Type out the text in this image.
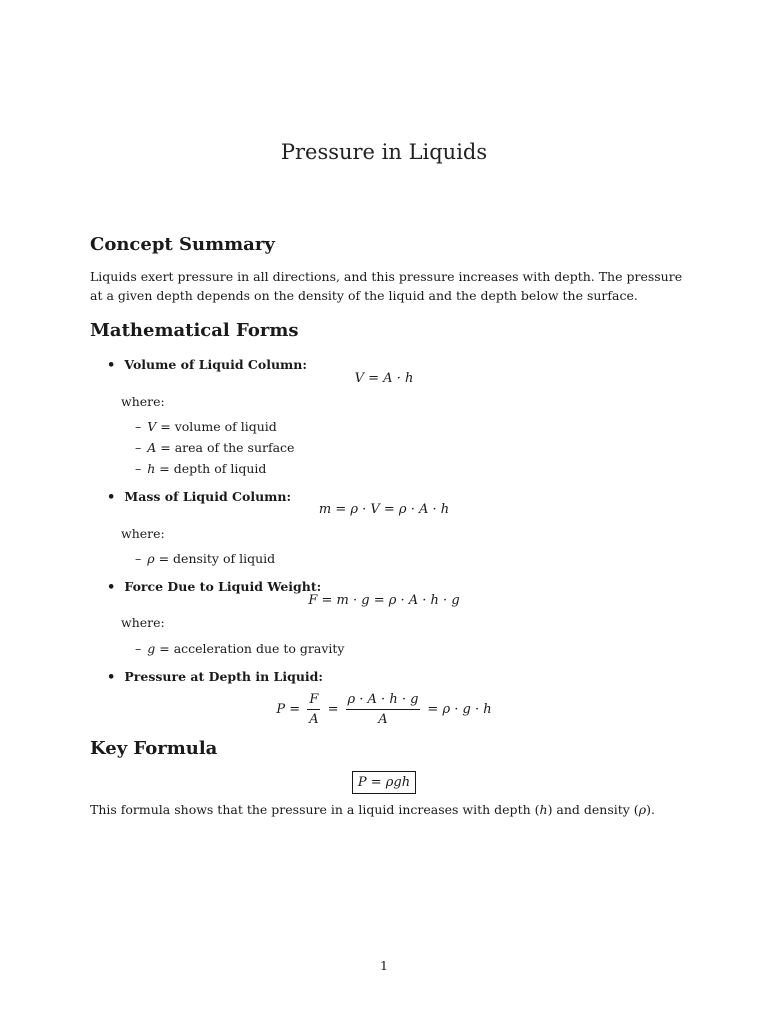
Pressure in Liquids
Concept Summary
Liquids exert pressure in all directions, and this pressure increases with depth. The pressure at a given depth depends on the density of the liquid and the depth below the surface.
Mathematical Forms
• Volume of Liquid Column:
V = A · h
where:
– V = volume of liquid
– A = area of the surface
– h = depth of liquid
• Mass of Liquid Column:
m = ρ · V = ρ · A · h
where:
– ρ = density of liquid
• Force Due to Liquid Weight:
F = m · g = ρ · A · h · g
where:
– g = acceleration due to gravity
• Pressure at Depth in Liquid:
$P = \frac{F}{A} = \frac{\rho \cdot A \cdot h \cdot g}{A} = \rho \cdot g \cdot h$
Key Formula
P = ρgh
This formula shows that the pressure in a liquid increases with depth (h) and density (ρ).
1
